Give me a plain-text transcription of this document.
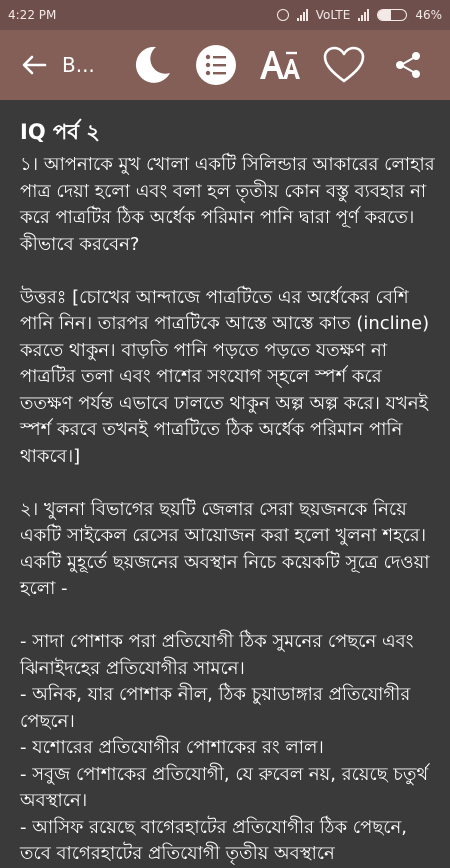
4:22 PM	VoLTE	46%
B...
IQ পর্ব ২
১। আপনাকে মুখ খোলা একটি সিলিন্ডার আকারের লোহার পাত্র দেয়া হলো এবং বলা হল তৃতীয় কোন বস্তু ব্যবহার না করে পাত্রটির ঠিক অর্ধেক পরিমান পানি দ্বারা পূর্ণ করতে। কীভাবে করবেন?
উত্তরঃ [চোখের আন্দাজে পাত্রটিতে এর অর্ধেকের বেশি পানি নিন। তারপর পাত্রটিকে আস্তে আস্তে কাত (incline) করতে থাকুন। বাড়তি পানি পড়তে পড়তে যতক্ষণ না পাত্রটির তলা এবং পাশের সংযোগ স্হলে স্পর্শ করে ততক্ষণ পর্যন্ত এভাবে ঢালতে থাকুন অল্প অল্প করে। যখনই স্পর্শ করবে তখনই পাত্রটিতে ঠিক অর্ধেক পরিমান পানি থাকবে।]
২। খুলনা বিভাগের ছয়টি জেলার সেরা ছয়জনকে নিয়ে একটি সাইকেল রেসের আয়োজন করা হলো খুলনা শহরে। একটি মুহূর্তে ছয়জনের অবস্থান নিচে কয়েকটি সূত্রে দেওয়া হলো -
- সাদা পোশাক পরা প্রতিযোগী ঠিক সুমনের পেছনে এবং ঝিনাইদহের প্রতিযোগীর সামনে।
- অনিক, যার পোশাক নীল, ঠিক চুয়াডাঙ্গার প্রতিযোগীর পেছনে।
- যশোরের প্রতিযোগীর পোশাকের রং লাল।
- সবুজ পোশাকের প্রতিযোগী, যে রুবেল নয়, রয়েছে চতুর্থ অবস্থানে।
- আসিফ রয়েছে বাগেরহাটের প্রতিযোগীর ঠিক পেছনে, তবে বাগেরহাটের প্রতিযোগী তৃতীয় অবস্থানে
